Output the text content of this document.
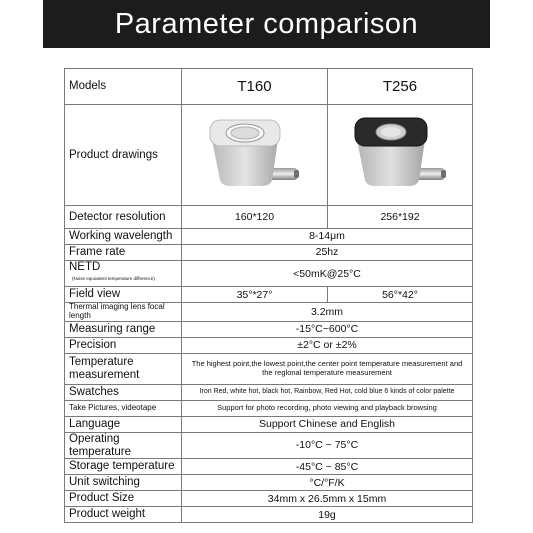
Parameter comparison
Models	T160	T256
Product drawings	

Detector resolution	160*120	256*192
Working wavelength	8-14μm	
Frame rate	25hz	
NETD(Noise equivalent temperature difference)	<50mK@25°C	
Field view	35°*27°	56°*42°
Thermal imaging lens focal length	3.2mm	
Measuring range	-15°C~600°C	
Precision	±2°C or ±2%	
Temperature measurement	The highest point,the lowest point,the center point temperature measurement and the reglonal temperature measurement	
Swatches	Iron Red, white hot, black hot, Rainbow, Red Hot, cold blue 6 kinds of color palette	
Take Pictures, videotape	Support for photo recording, photo viewing and playback browsing	
Language	Support Chinese and English	
Operating temperature	-10°C ~ 75°C	
Storage temperature	-45°C ~ 85°C	
Unit switching	°C/°F/K	
Product Size	34mm x 26.5mm x 15mm	
Product weight	19g	
